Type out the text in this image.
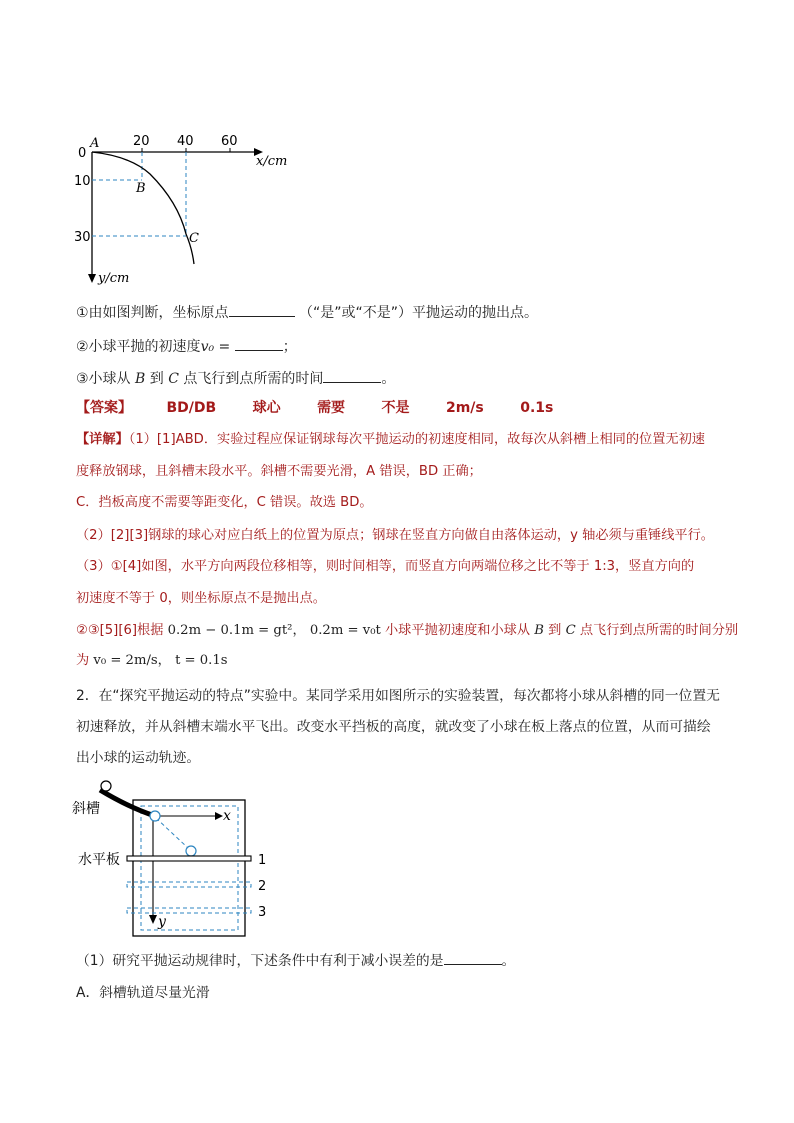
0
A
B
C
20 40 60
10
30
x/cm
y/cm
①由如图判断，坐标原点	（“是”或“不是”）平抛运动的抛出点。
②小球平抛的初速度v₀ =	；
③小球从 B 到 C 点飞行到点所需的时间	。
【答案】 BD/DB	球心	需要	不是	2m/s	0.1s
【详解】（1）[1]ABD．实验过程应保证钢球每次平抛运动的初速度相同，故每次从斜槽上相同的位置无初速
度释放钢球，且斜槽末段水平。斜槽不需要光滑，A 错误，BD 正确；
C．挡板高度不需要等距变化，C 错误。故选 BD。
（2）[2][3]钢球的球心对应白纸上的位置为原点；钢球在竖直方向做自由落体运动，y 轴必须与重锤线平行。
（3）①[4]如图，水平方向两段位移相等，则时间相等，而竖直方向两端位移之比不等于 1:3，竖直方向的
初速度不等于 0，则坐标原点不是抛出点。
②③[5][6]根据 0.2m − 0.1m = gt²， 0.2m = v₀t 小球平抛初速度和小球从 B 到 C 点飞行到点所需的时间分别
为 v₀ = 2m/s， t = 0.1s
2．在“探究平抛运动的特点”实验中。某同学采用如图所示的实验装置，每次都将小球从斜槽的同一位置无
初速释放，并从斜槽末端水平飞出。改变水平挡板的高度，就改变了小球在板上落点的位置，从而可描绘
出小球的运动轨迹。
斜槽
水平板
x
y
1
2
3
（1）研究平抛运动规律时，下述条件中有利于减小误差的是	。
A．斜槽轨道尽量光滑
